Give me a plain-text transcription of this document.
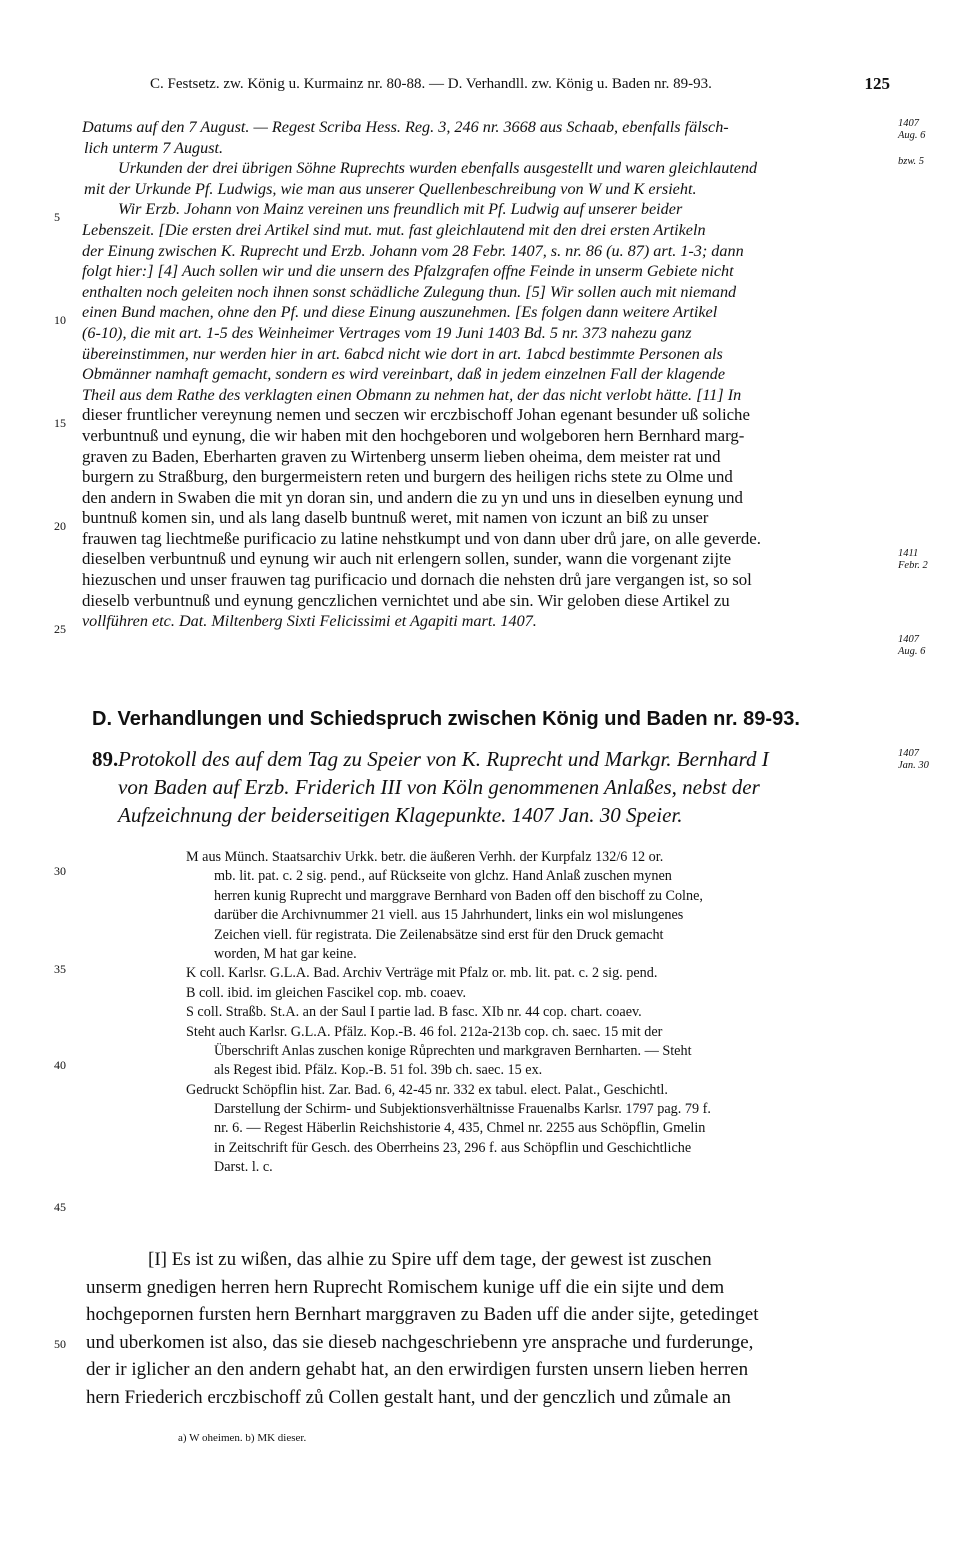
C. Festsetz. zw. König u. Kurmainz nr. 80-88. — D. Verhandll. zw. König u. Baden nr. 89-93.	125
Datums auf den 7 August. — Regest Scriba Hess. Reg. 3, 246 nr. 3668 aus Schaab, ebenfalls fälsch-
lich unterm 7 August.
Urkunden der drei übrigen Söhne Ruprechts wurden ebenfalls ausgestellt und waren gleichlautend
mit der Urkunde Pf. Ludwigs, wie man aus unserer Quellenbeschreibung von W und K ersieht.
Wir Erzb. Johann von Mainz vereinen uns freundlich mit Pf. Ludwig auf unserer beider
Lebenszeit. [Die ersten drei Artikel sind mut. mut. fast gleichlautend mit den drei ersten Artikeln
der Einung zwischen K. Ruprecht und Erzb. Johann vom 28 Febr. 1407, s. nr. 86 (u. 87) art. 1-3; dann
folgt hier:] [4] Auch sollen wir und die unsern des Pfalzgrafen offne Feinde in unserm Gebiete nicht
enthalten noch geleiten noch ihnen sonst schädliche Zulegung thun. [5] Wir sollen auch mit niemand
einen Bund machen, ohne den Pf. und diese Einung auszunehmen. [Es folgen dann weitere Artikel
(6-10), die mit art. 1-5 des Weinheimer Vertrages vom 19 Juni 1403 Bd. 5 nr. 373 nahezu ganz
übereinstimmen, nur werden hier in art. 6abcd nicht wie dort in art. 1abcd bestimmte Personen als
Obmänner namhaft gemacht, sondern es wird vereinbart, daß in jedem einzelnen Fall der klagende
Theil aus dem Rathe des verklagten einen Obmann zu nehmen hat, der das nicht verlobt hätte. [11] In
dieser fruntlicher vereynung nemen und seczen wir erczbischoff Johan egenant besunder uß soliche
verbuntnuß und eynung, die wir haben mit den hochgeboren und wolgeboren hern Bernhard marg-
graven zu Baden, Eberharten graven zu Wirtenberg unserm lieben oheima, dem meister rat und
burgern zu Straßburg, den burgermeistern reten und burgern des heiligen richs stete zu Olme und
den andern in Swaben die mit yn doran sin, und andern die zu yn und uns in dieselben eynung und
buntnuß komen sin, und als lang daselb buntnuß weret, mit namen von iczunt an biß zu unser
frauwen tag liechtmeße purificacio zu latine nehstkumpt und von dann uber drů jare, on alle geverde.
dieselben verbuntnuß und eynung wir auch nit erlengern sollen, sunder, wann die vorgenant zijte
hiezuschen und unser frauwen tag purificacio und dornach die nehsten drů jare vergangen ist, so sol
dieselb verbuntnuß und eynung genczlichen vernichtet und abe sin. Wir geloben diese Artikel zu
vollführen etc. Dat. Miltenberg Sixti Felicissimi et Agapiti mart. 1407.
5
10
15
20
25
1407
Aug. 6
bzw. 5
1411
Febr. 2
1407
Aug. 6
1407
Jan. 30
D. Verhandlungen und Schiedspruch zwischen König und Baden nr. 89-93.
89. Protokoll des auf dem Tag zu Speier von K. Ruprecht und Markgr. Bernhard I
von Baden auf Erzb. Friderich III von Köln genommenen Anlaßes, nebst der
Aufzeichnung der beiderseitigen Klagepunkte. 1407 Jan. 30 Speier.
M aus Münch. Staatsarchiv Urkk. betr. die äußeren Verhh. der Kurpfalz 132/6 12 or.
mb. lit. pat. c. 2 sig. pend., auf Rückseite von glchz. Hand Anlaß zuschen mynen
herren kunig Ruprecht und marggrave Bernhard von Baden off den bischoff zu Colne,
darüber die Archivnummer 21 viell. aus 15 Jahrhundert, links ein wol mislungenes
Zeichen viell. für registrata. Die Zeilenabsätze sind erst für den Druck gemacht
worden, M hat gar keine.
K coll. Karlsr. G.L.A. Bad. Archiv Verträge mit Pfalz or. mb. lit. pat. c. 2 sig. pend.
B coll. ibid. im gleichen Fascikel cop. mb. coaev.
S coll. Straßb. St.A. an der Saul I partie lad. B fasc. XIb nr. 44 cop. chart. coaev.
Steht auch Karlsr. G.L.A. Pfälz. Kop.-B. 46 fol. 212a-213b cop. ch. saec. 15 mit der
Überschrift Anlas zuschen konige Růprechten und markgraven Bernharten. — Steht
als Regest ibid. Pfälz. Kop.-B. 51 fol. 39b ch. saec. 15 ex.
Gedruckt Schöpflin hist. Zar. Bad. 6, 42-45 nr. 332 ex tabul. elect. Palat., Geschichtl.
Darstellung der Schirm- und Subjektionsverhältnisse Frauenalbs Karlsr. 1797 pag. 79 f.
nr. 6. — Regest Häberlin Reichshistorie 4, 435, Chmel nr. 2255 aus Schöpflin, Gmelin
in Zeitschrift für Gesch. des Oberrheins 23, 296 f. aus Schöpflin und Geschichtliche
Darst. l. c.
30
35
40
45
[I] Es ist zu wißen, das alhie zu Spire uff dem tage, der gewest ist zuschen
unserm gnedigen herren hern Ruprecht Romischem kunige uff die ein sijte und dem
hochgepornen fursten hern Bernhart marggraven zu Baden uff die ander sijte, getedinget
und uberkomen ist also, das sie dieseb nachgeschriebenn yre ansprache und furderunge,
der ir iglicher an den andern gehabt hat, an den erwirdigen fursten unsern lieben herren
hern Friederich erczbischoff zů Collen gestalt hant, und der genczlich und zůmale an
50
a) W oheimen. b) MK dieser.
